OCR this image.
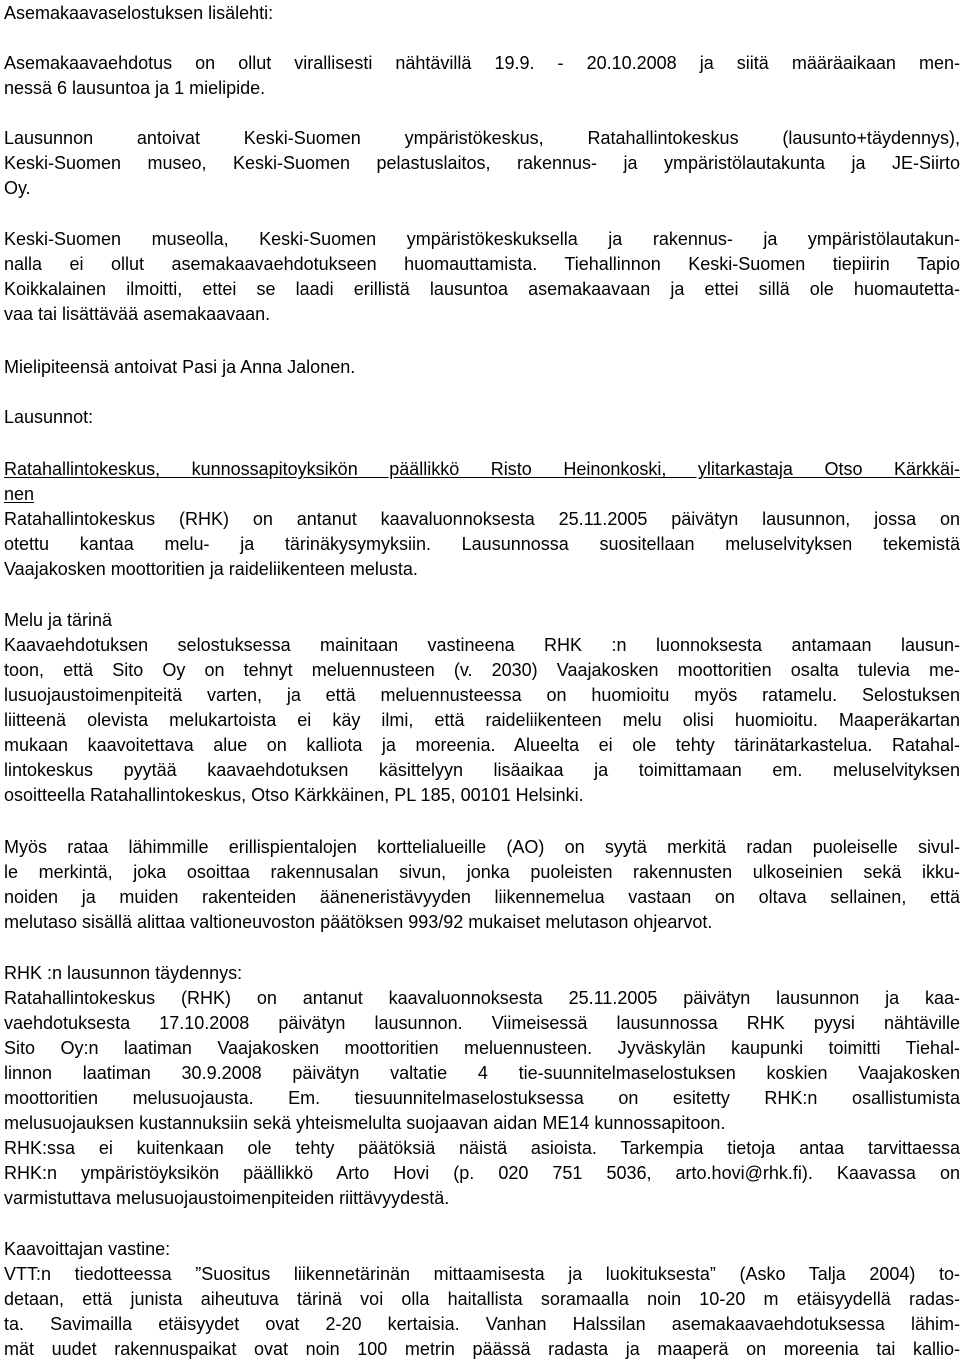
Asemakaavaselostuksen lisälehti:

Asemakaavaehdotus on ollut virallisesti nähtävillä 19.9. - 20.10.2008 ja siitä määräaikaan men-

nessä 6 lausuntoa ja 1 mielipide.

Lausunnon antoivat Keski-Suomen ympäristökeskus, Ratahallintokeskus (lausunto+täydennys),

Keski-Suomen museo, Keski-Suomen pelastuslaitos, rakennus- ja ympäristölautakunta ja JE-Siirto

Oy.

Keski-Suomen museolla, Keski-Suomen ympäristökeskuksella ja rakennus- ja ympäristölautakun-

nalla ei ollut asemakaavaehdotukseen huomauttamista. Tiehallinnon Keski-Suomen tiepiirin Tapio

Koikkalainen ilmoitti, ettei se laadi erillistä lausuntoa asemakaavaan ja ettei sillä ole huomautetta-

vaa tai lisättävää asemakaavaan.

Mielipiteensä antoivat Pasi ja Anna Jalonen.

Lausunnot:

Ratahallintokeskus, kunnossapitoyksikön päällikkö Risto Heinonkoski, ylitarkastaja Otso Kärkkäi-

nen

Ratahallintokeskus (RHK) on antanut kaavaluonnoksesta 25.11.2005 päivätyn lausunnon, jossa on

otettu kantaa melu- ja tärinäkysymyksiin. Lausunnossa suositellaan meluselvityksen tekemistä

Vaajakosken moottoritien ja raideliikenteen melusta.

Melu ja tärinä

Kaavaehdotuksen selostuksessa mainitaan vastineena RHK :n luonnoksesta antamaan lausun-

toon, että Sito Oy on tehnyt meluennusteen (v. 2030) Vaajakosken moottoritien osalta tulevia me-

lusuojaustoimenpiteitä varten, ja että meluennusteessa on huomioitu myös ratamelu. Selostuksen

liitteenä olevista melukartoista ei käy ilmi, että raideliikenteen melu olisi huomioitu. Maaperäkartan

mukaan kaavoitettava alue on kalliota ja moreenia. Alueelta ei ole tehty tärinätarkastelua. Ratahal-

lintokeskus pyytää kaavaehdotuksen käsittelyyn lisäaikaa ja toimittamaan em. meluselvityksen

osoitteella Ratahallintokeskus, Otso Kärkkäinen, PL 185, 00101 Helsinki.

Myös rataa lähimmille erillispientalojen korttelialueille (AO) on syytä merkitä radan puoleiselle sivul-

le merkintä, joka osoittaa rakennusalan sivun, jonka puoleisten rakennusten ulkoseinien sekä ikku-

noiden ja muiden rakenteiden ääneneristävyyden liikennemelua vastaan on oltava sellainen, että

melutaso sisällä alittaa valtioneuvoston päätöksen 993/92 mukaiset melutason ohjearvot.

RHK :n lausunnon täydennys:

Ratahallintokeskus (RHK) on antanut kaavaluonnoksesta 25.11.2005 päivätyn lausunnon ja kaa-

vaehdotuksesta 17.10.2008 päivätyn lausunnon. Viimeisessä lausunnossa RHK pyysi nähtäville

Sito Oy:n laatiman Vaajakosken moottoritien meluennusteen. Jyväskylän kaupunki toimitti Tiehal-

linnon laatiman 30.9.2008 päivätyn valtatie 4 tie-suunnitelmaselostuksen koskien Vaajakosken

moottoritien melusuojausta. Em. tiesuunnitelmaselostuksessa on esitetty RHK:n osallistumista

melusuojauksen kustannuksiin sekä yhteismelulta suojaavan aidan ME14 kunnossapitoon.

RHK:ssa ei kuitenkaan ole tehty päätöksiä näistä asioista. Tarkempia tietoja antaa tarvittaessa

RHK:n ympäristöyksikön päällikkö Arto Hovi (p. 020 751 5036, arto.hovi@rhk.fi). Kaavassa on

varmistuttava melusuojaustoimenpiteiden riittävyydestä.

Kaavoittajan vastine:

VTT:n tiedotteessa ”Suositus liikennetärinän mittaamisesta ja luokituksesta” (Asko Talja 2004) to-

detaan, että junista aiheutuva tärinä voi olla haitallista soramaalla noin 10-20 m etäisyydellä radas-

ta. Savimailla etäisyydet ovat 2-20 kertaisia. Vanhan Halssilan asemakaavaehdotuksessa lähim-

mät uudet rakennuspaikat ovat noin 100 metrin päässä radasta ja maaperä on moreenia tai kallio-
